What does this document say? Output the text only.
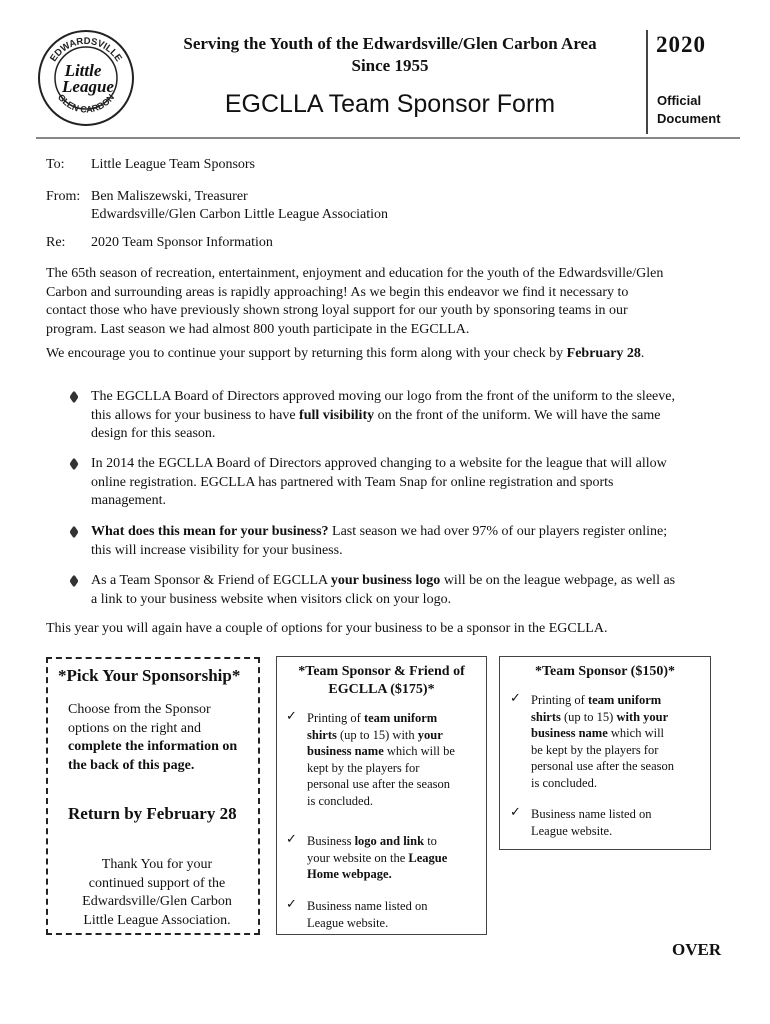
EDWARDSVILLE
GLEN CARBON
Little
League
Serving the Youth of the Edwardsville/Glen Carbon Area
Since 1955
EGCLLA Team Sponsor Form
2020
Official
Document
To: Little League Team Sponsors
From: Ben Maliszewski, Treasurer
Edwardsville/Glen Carbon Little League Association
Re: 2020 Team Sponsor Information
The 65th season of recreation, entertainment, enjoyment and education for the youth of the Edwardsville/Glen
Carbon and surrounding areas is rapidly approaching! As we begin this endeavor we find it necessary to
contact those who have previously shown strong loyal support for our youth by sponsoring teams in our
program. Last season we had almost 800 youth participate in the EGCLLA.
We encourage you to continue your support by returning this form along with your check by February 28.
The EGCLLA Board of Directors approved moving our logo from the front of the uniform to the sleeve,
this allows for your business to have full visibility on the front of the uniform. We will have the same
design for this season.
In 2014 the EGCLLA Board of Directors approved changing to a website for the league that will allow
online registration. EGCLLA has partnered with Team Snap for online registration and sports
management.
What does this mean for your business? Last season we had over 97% of our players register online;
this will increase visibility for your business.
As a Team Sponsor & Friend of EGCLLA your business logo will be on the league webpage, as well as
a link to your business website when visitors click on your logo.
This year you will again have a couple of options for your business to be a sponsor in the EGCLLA.
*Pick Your Sponsorship*
Choose from the Sponsor
options on the right and
complete the information on
the back of this page.
Return by February 28
Thank You for your
continued support of the
Edwardsville/Glen Carbon
Little League Association.
*Team Sponsor & Friend of
EGCLLA ($175)*
✓ Printing of team uniform
shirts (up to 15) with your
business name which will be
kept by the players for
personal use after the season
is concluded.
✓ Business logo and link to
your website on the League
Home webpage.
✓ Business name listed on
League website.
*Team Sponsor ($150)*
✓ Printing of team uniform
shirts (up to 15) with your
business name which will
be kept by the players for
personal use after the season
is concluded.
✓ Business name listed on
League website.
OVER
